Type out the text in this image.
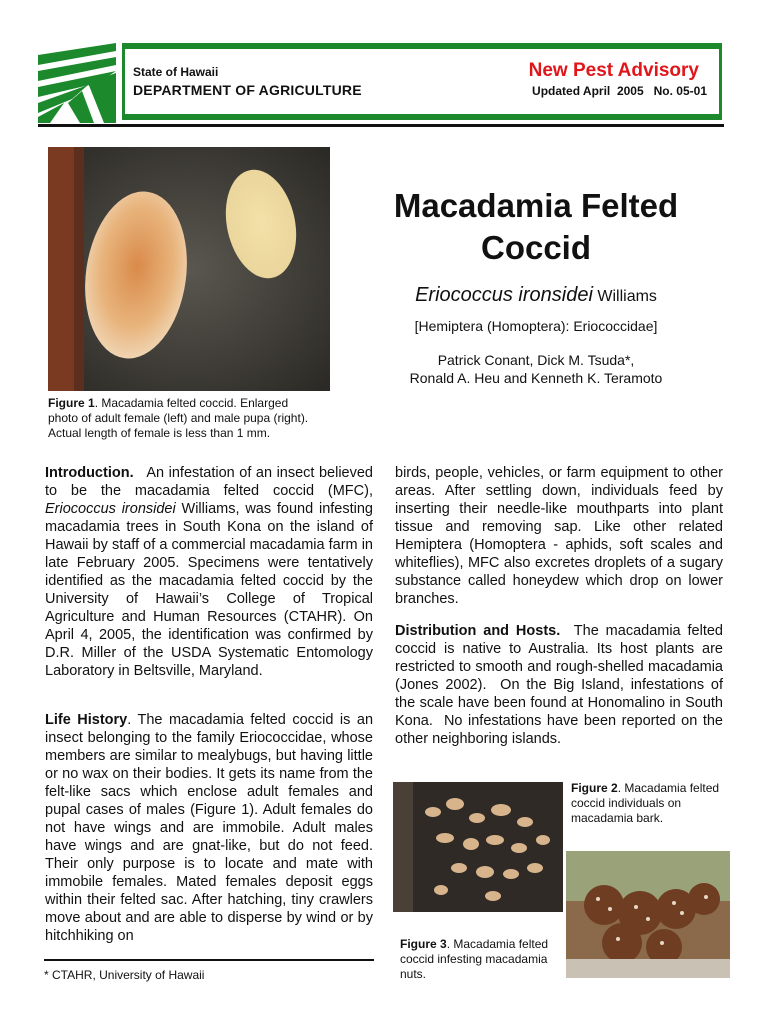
State of Hawaii
DEPARTMENT OF AGRICULTURE
New Pest Advisory
Updated April  2005   No. 05-01
Figure 1. Macadamia felted coccid. Enlarged
photo of adult female (left) and male pupa (right).
Actual length of female is less than 1 mm.
Macadamia Felted
Coccid
Eriococcus ironsidei Williams
[Hemiptera (Homoptera): Eriococcidae]
Patrick Conant, Dick M. Tsuda*,
Ronald A. Heu and Kenneth K. Teramoto

Introduction.   An infestation of an insect believed to be the macadamia felted coccid (MFC), Eriococcus ironsidei Williams, was found infesting macadamia trees in South Kona on the island of Hawaii by staff of a commercial macadamia farm in late February 2005. Specimens were tentatively identified as the macadamia felted coccid by the University of Hawaii’s College of Tropical Agriculture and Human Resources (CTAHR). On April 4, 2005, the identification was confirmed by D.R. Miller of the USDA Systematic Entomology Laboratory in Beltsville, Maryland.

Life History. The macadamia felted coccid is an insect belonging to the family Eriococcidae, whose members are similar to mealybugs, but having little or no wax on their bodies. It gets its name from the felt-like sacs which enclose adult females and pupal cases of males (Figure 1). Adult females do not have wings and are immobile. Adult males have wings and are gnat-like, but do not feed. Their only purpose is to locate and mate with immobile females. Mated females deposit eggs within their felted sac. After hatching, tiny crawlers move about and are able to disperse by wind or by hitchhiking on

* CTAHR, University of Hawaii

birds, people, vehicles, or farm equipment to other areas. After settling down, individuals feed by inserting their needle-like mouthparts into plant tissue and removing sap. Like other related Hemiptera (Homoptera - aphids, soft scales and whiteflies), MFC also excretes droplets of a sugary substance called honeydew which drop on lower branches.

Distribution and Hosts.  The macadamia felted coccid is native to Australia. Its host plants are restricted to smooth and rough-shelled macadamia (Jones 2002).  On the Big Island, infestations of the scale have been found at Honomalino in South Kona.  No infestations have been reported on the other neighboring islands.

Figure 2. Macadamia felted
coccid individuals on
macadamia bark.
Figure 3. Macadamia felted
coccid infesting macadamia
nuts.
